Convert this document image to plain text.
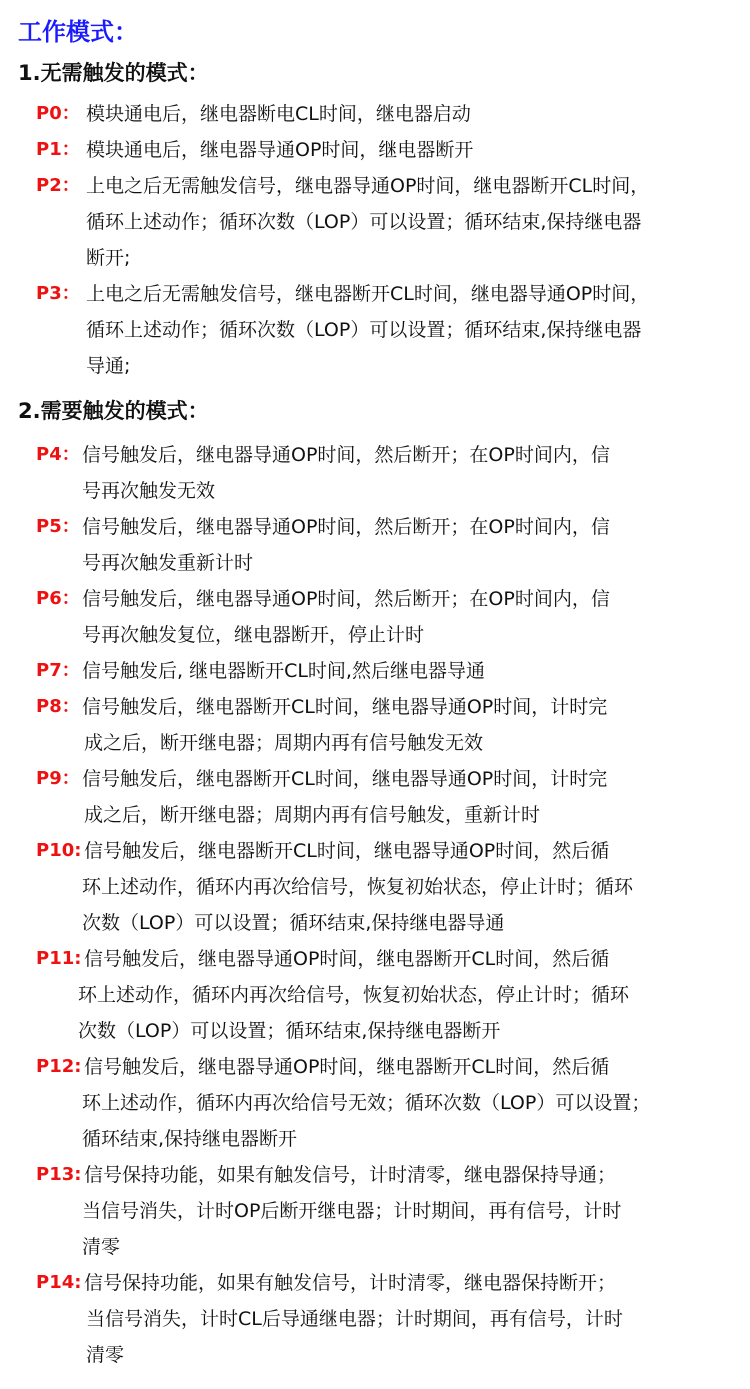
工作模式：
1.无需触发的模式：
2.需要触发的模式：
P0： 模块通电后，继电器断电CL时间，继电器启动
P1： 模块通电后，继电器导通OP时间，继电器断开
P2： 上电之后无需触发信号，继电器导通OP时间，继电器断开CL时间，
循环上述动作；循环次数（LOP）可以设置；循环结束,保持继电器
断开;
P3： 上电之后无需触发信号，继电器断开CL时间，继电器导通OP时间，
循环上述动作；循环次数（LOP）可以设置；循环结束,保持继电器
导通;
P4： 信号触发后，继电器导通OP时间，然后断开；在OP时间内，信
号再次触发无效
P5： 信号触发后，继电器导通OP时间，然后断开；在OP时间内，信
号再次触发重新计时
P6： 信号触发后，继电器导通OP时间，然后断开；在OP时间内，信
号再次触发复位，继电器断开，停止计时
P7： 信号触发后, 继电器断开CL时间,然后继电器导通
P8： 信号触发后，继电器断开CL时间，继电器导通OP时间，计时完
成之后，断开继电器；周期内再有信号触发无效
P9： 信号触发后，继电器断开CL时间，继电器导通OP时间，计时完
成之后，断开继电器；周期内再有信号触发，重新计时
P10: 信号触发后，继电器断开CL时间，继电器导通OP时间，然后循
环上述动作，循环内再次给信号，恢复初始状态，停止计时；循环
次数（LOP）可以设置；循环结束,保持继电器导通
P11: 信号触发后，继电器导通OP时间，继电器断开CL时间，然后循
环上述动作，循环内再次给信号，恢复初始状态，停止计时；循环
次数（LOP）可以设置；循环结束,保持继电器断开
P12: 信号触发后，继电器导通OP时间，继电器断开CL时间，然后循
环上述动作，循环内再次给信号无效；循环次数（LOP）可以设置；
循环结束,保持继电器断开
P13: 信号保持功能，如果有触发信号，计时清零，继电器保持导通；
当信号消失，计时OP后断开继电器；计时期间，再有信号，计时
清零
P14: 信号保持功能，如果有触发信号，计时清零，继电器保持断开；
当信号消失，计时CL后导通继电器；计时期间，再有信号，计时
清零
